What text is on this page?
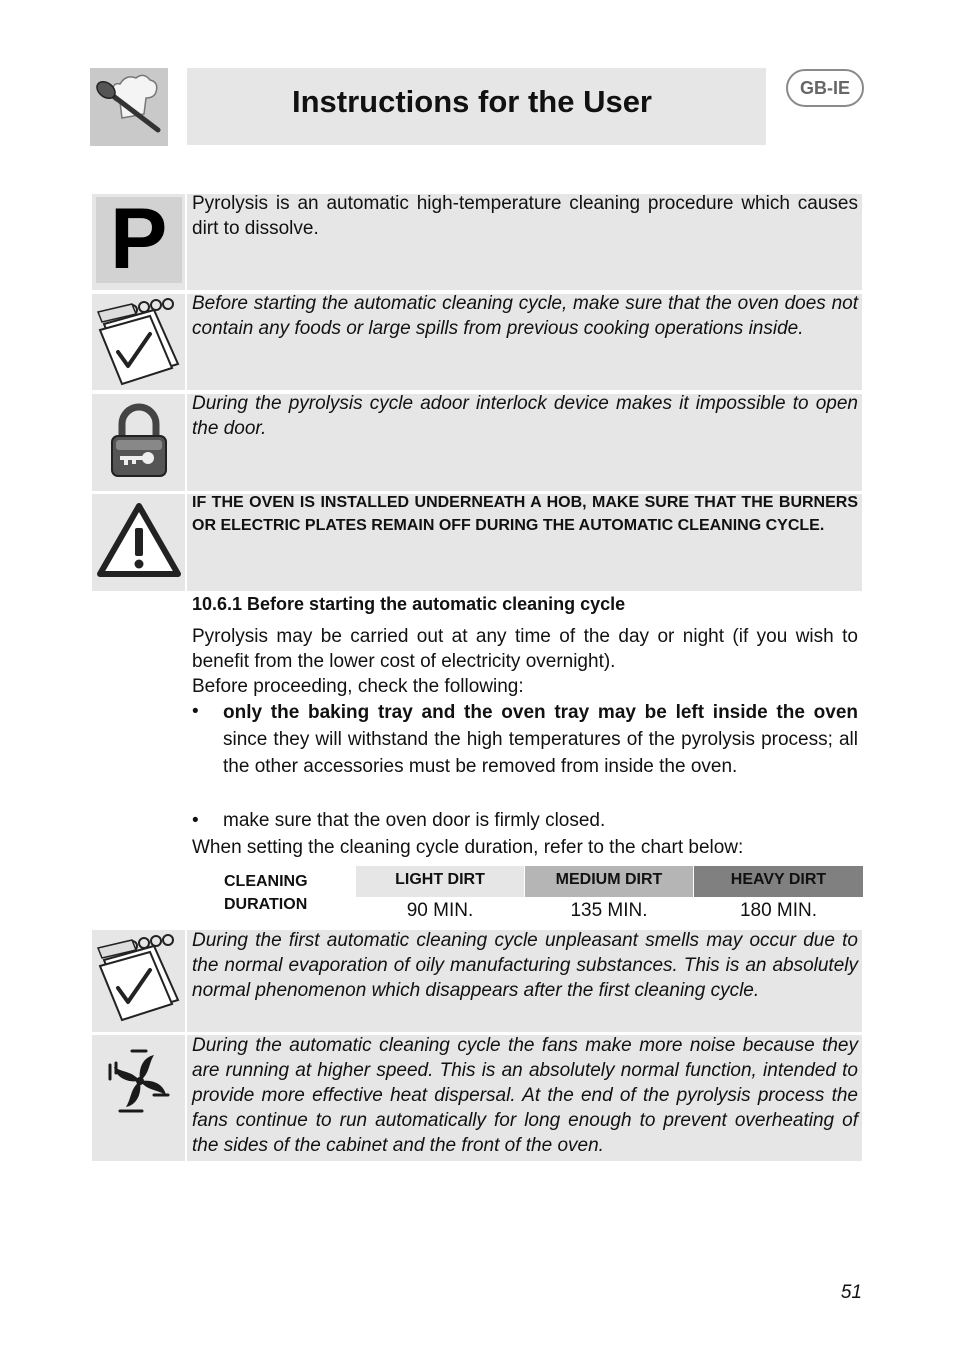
Instructions for the User	GB-IE
P Pyrolysis is an automatic high-temperature cleaning procedure which causes dirt to dissolve.
Before starting the automatic cleaning cycle, make sure that the oven does not contain any foods or large spills from previous cooking operations inside.
During the pyrolysis cycle adoor interlock device makes it impossible to open the door.
IF THE OVEN IS INSTALLED UNDERNEATH A HOB, MAKE SURE THAT THE BURNERS OR ELECTRIC PLATES REMAIN OFF DURING THE AUTOMATIC CLEANING CYCLE.
10.6.1 Before starting the automatic cleaning cycle
Pyrolysis may be carried out at any time of the day or night (if you wish to benefit from the lower cost of electricity overnight).
Before proceeding, check the following:
• only the baking tray and the oven tray may be left inside the oven since they will withstand the high temperatures of the pyrolysis process; all the other accessories must be removed from inside the oven.
• make sure that the oven door is firmly closed.
When setting the cleaning cycle duration, refer to the chart below:
CLEANING
DURATION
LIGHT DIRT	MEDIUM DIRT	HEAVY DIRT
90 MIN.	135 MIN.	180 MIN.
During the first automatic cleaning cycle unpleasant smells may occur due to the normal evaporation of oily manufacturing substances. This is an absolutely normal phenomenon which disappears after the first cleaning cycle.
During the automatic cleaning cycle the fans make more noise because they are running at higher speed. This is an absolutely normal function, intended to provide more effective heat dispersal. At the end of the pyrolysis process the fans continue to run automatically for long enough to prevent overheating of the sides of the cabinet and the front of the oven.
51
